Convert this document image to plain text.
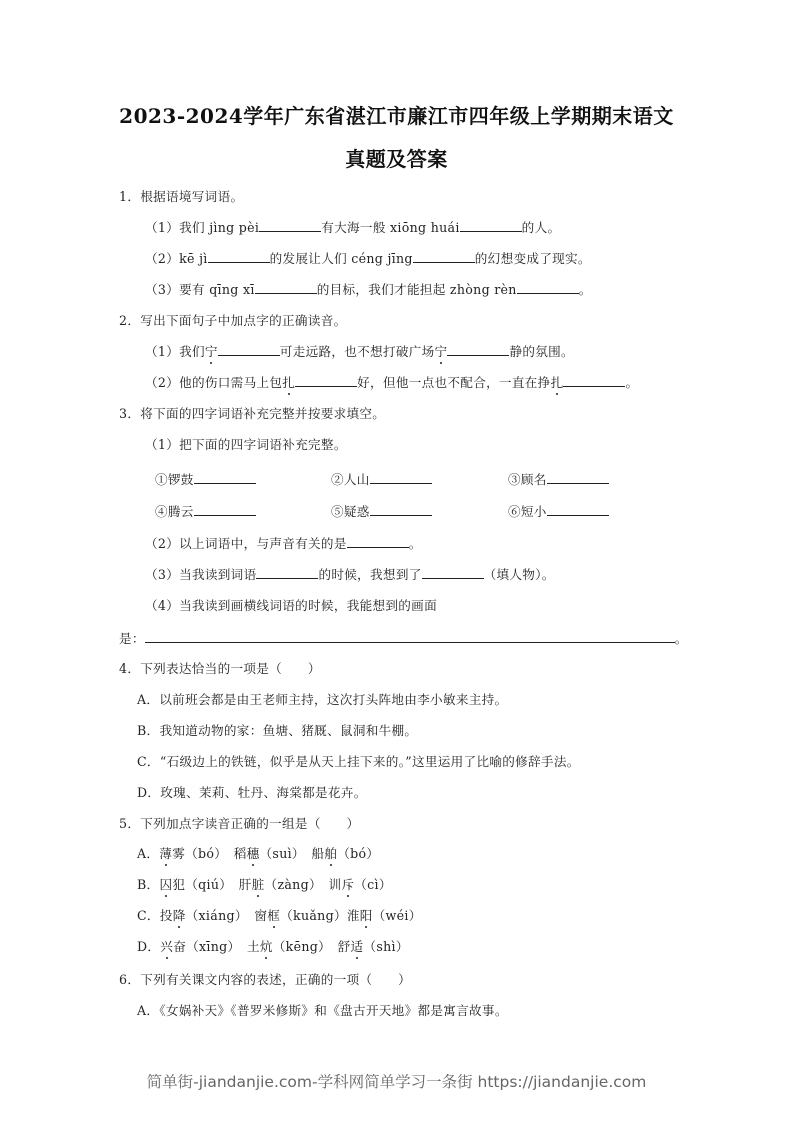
2023-2024学年广东省湛江市廉江市四年级上学期期末语文
真题及答案
1．根据语境写词语。
（1）我们 jìng pèi	有大海一般 xiōng huái	的人。
（2）kē jì	的发展让人们 céng jīng	的幻想变成了现实。
（3）要有 qīng xī	的目标，我们才能担起 zhòng rèn	。
2．写出下面句子中加点字的正确读音。
（1）我们宁	可走远路，也不想打破广场宁	静的氛围。
（2）他的伤口需马上包扎	好，但他一点也不配合，一直在挣扎	。
3．将下面的四字词语补充完整并按要求填空。
（1）把下面的四字词语补充完整。
①锣鼓	②人山	③顾名
④腾云	⑤疑惑	⑥短小
（2）以上词语中，与声音有关的是	。
（3）当我读到词语	的时候，我想到了	（填人物）。
（4）当我读到画横线词语的时候，我能想到的画面
是：	。
4．下列表达恰当的一项是（　　）
A．以前班会都是由王老师主持，这次打头阵地由李小敏来主持。
B．我知道动物的家：鱼塘、猪厩、鼠洞和牛棚。
C．“石级边上的铁链，似乎是从天上挂下来的。”这里运用了比喻的修辞手法。
D．玫瑰、茉莉、牡丹、海棠都是花卉。
5．下列加点字读音正确的一组是（　　）
A．薄雾（bó）　稻穗（suì）　船舶（bó）
B．囚犯（qiú）　肝脏（zàng）　训斥（cì）
C．投降（xiáng）　窗框（kuǎng）淮阳（wéi）
D．兴奋（xīng）　土炕（kēng）　舒适（shì）
6．下列有关课文内容的表述，正确的一项（　　）
A．《女娲补天》《普罗米修斯》和《盘古开天地》都是寓言故事。
简单街-jiandanjie.com-学科网简单学习一条街 https://jiandanjie.com
